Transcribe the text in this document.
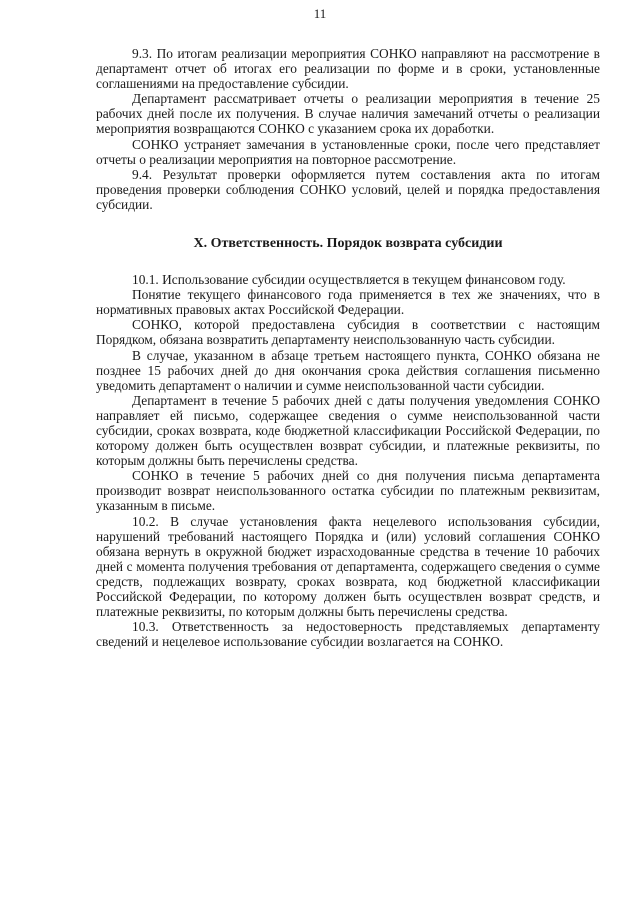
11

9.3. По итогам реализации мероприятия СОНКО направляют на рассмотрение в департамент отчет об итогах его реализации по форме и в сроки, установленные соглашениями на предоставление субсидии.

Департамент рассматривает отчеты о реализации мероприятия в течение 25 рабочих дней после их получения. В случае наличия замечаний отчеты о реализации мероприятия возвращаются СОНКО с указанием срока их доработки.

СОНКО устраняет замечания в установленные сроки, после чего представляет отчеты о реализации мероприятия на повторное рассмотрение.

9.4. Результат проверки оформляется путем составления акта по итогам проведения проверки соблюдения СОНКО условий, целей и порядка предоставления субсидии.

X. Ответственность. Порядок возврата субсидии

10.1. Использование субсидии осуществляется в текущем финансовом году.

Понятие текущего финансового года применяется в тех же значениях, что в нормативных правовых актах Российской Федерации.

СОНКО, которой предоставлена субсидия в соответствии с настоящим Порядком, обязана возвратить департаменту неиспользованную часть субсидии.

В случае, указанном в абзаце третьем настоящего пункта, СОНКО обязана не позднее 15 рабочих дней до дня окончания срока действия соглашения письменно уведомить департамент о наличии и сумме неиспользованной части субсидии.

Департамент в течение 5 рабочих дней с даты получения уведомления СОНКО направляет ей письмо, содержащее сведения о сумме неиспользованной части субсидии, сроках возврата, коде бюджетной классификации Российской Федерации, по которому должен быть осуществлен возврат субсидии, и платежные реквизиты, по которым должны быть перечислены средства.

СОНКО в течение 5 рабочих дней со дня получения письма департамента производит возврат неиспользованного остатка субсидии по платежным реквизитам, указанным в письме.

10.2. В случае установления факта нецелевого использования субсидии, нарушений требований настоящего Порядка и (или) условий соглашения СОНКО обязана вернуть в окружной бюджет израсходованные средства в течение 10 рабочих дней с момента получения требования от департамента, содержащего сведения о сумме средств, подлежащих возврату, сроках возврата, код бюджетной классификации Российской Федерации, по которому должен быть осуществлен возврат средств, и платежные реквизиты, по которым должны быть перечислены средства.

10.3. Ответственность за недостоверность представляемых департаменту сведений и нецелевое использование субсидии возлагается на СОНКО.
